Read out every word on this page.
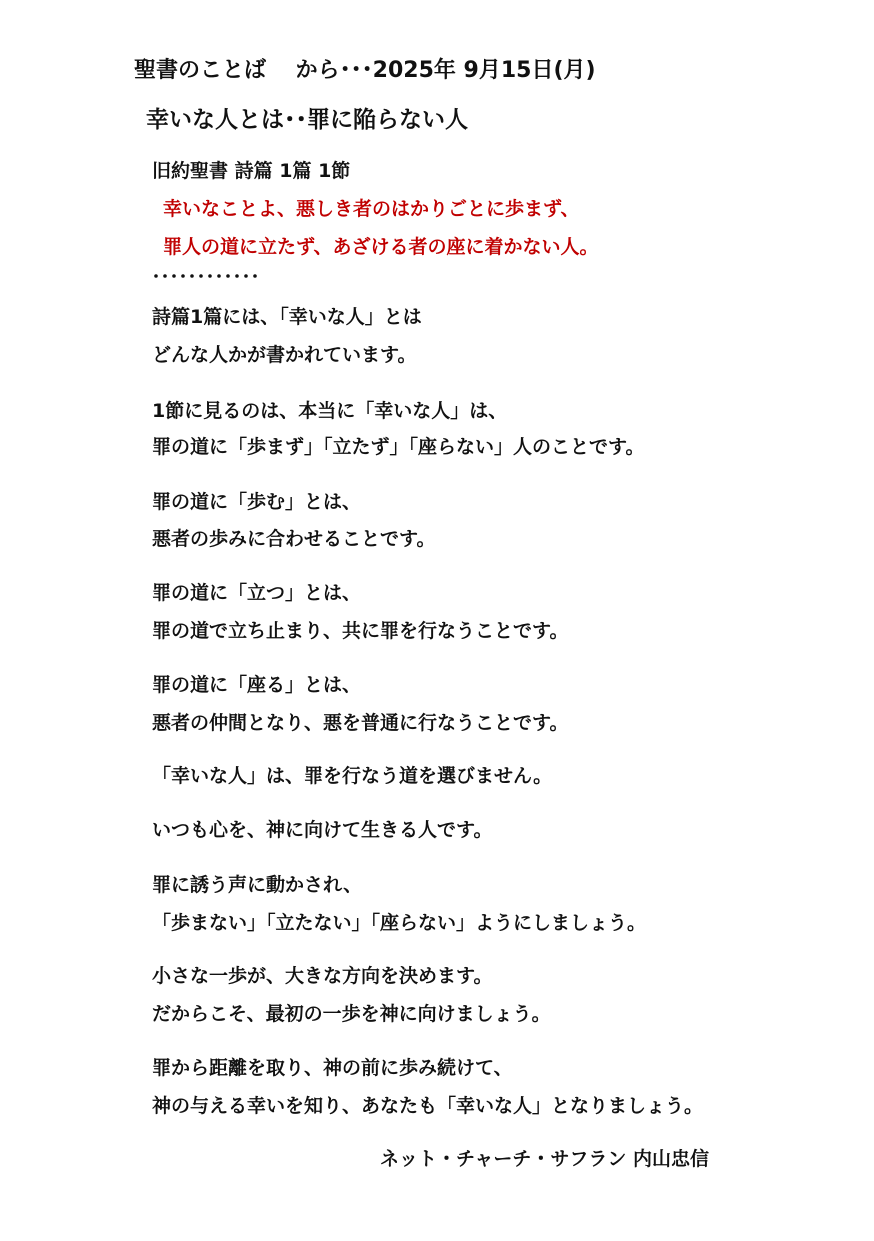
聖書のことば　 から･･･2025年 9月15日(月)
幸いな人とは･･罪に陥らない人
旧約聖書 詩篇 1篇 1節
幸いなことよ、悪しき者のはかりごとに歩まず、
罪人の道に立たず、あざける者の座に着かない人。
････････････
詩篇1篇には、「幸いな人」とは
どんな人かが書かれています。
1節に見るのは、本当に「幸いな人」は、
罪の道に「歩まず」「立たず」「座らない」人のことです。
罪の道に「歩む」とは、
悪者の歩みに合わせることです。
罪の道に「立つ」とは、
罪の道で立ち止まり、共に罪を行なうことです。
罪の道に「座る」とは、
悪者の仲間となり、悪を普通に行なうことです。
「幸いな人」は、罪を行なう道を選びません。
いつも心を、神に向けて生きる人です。
罪に誘う声に動かされ、
「歩まない」「立たない」「座らない」ようにしましょう。
小さな一歩が、大きな方向を決めます。
だからこそ、最初の一歩を神に向けましょう。
罪から距離を取り、神の前に歩み続けて、
神の与える幸いを知り、あなたも「幸いな人」となりましょう。
ネット・チャーチ・サフラン 内山忠信
